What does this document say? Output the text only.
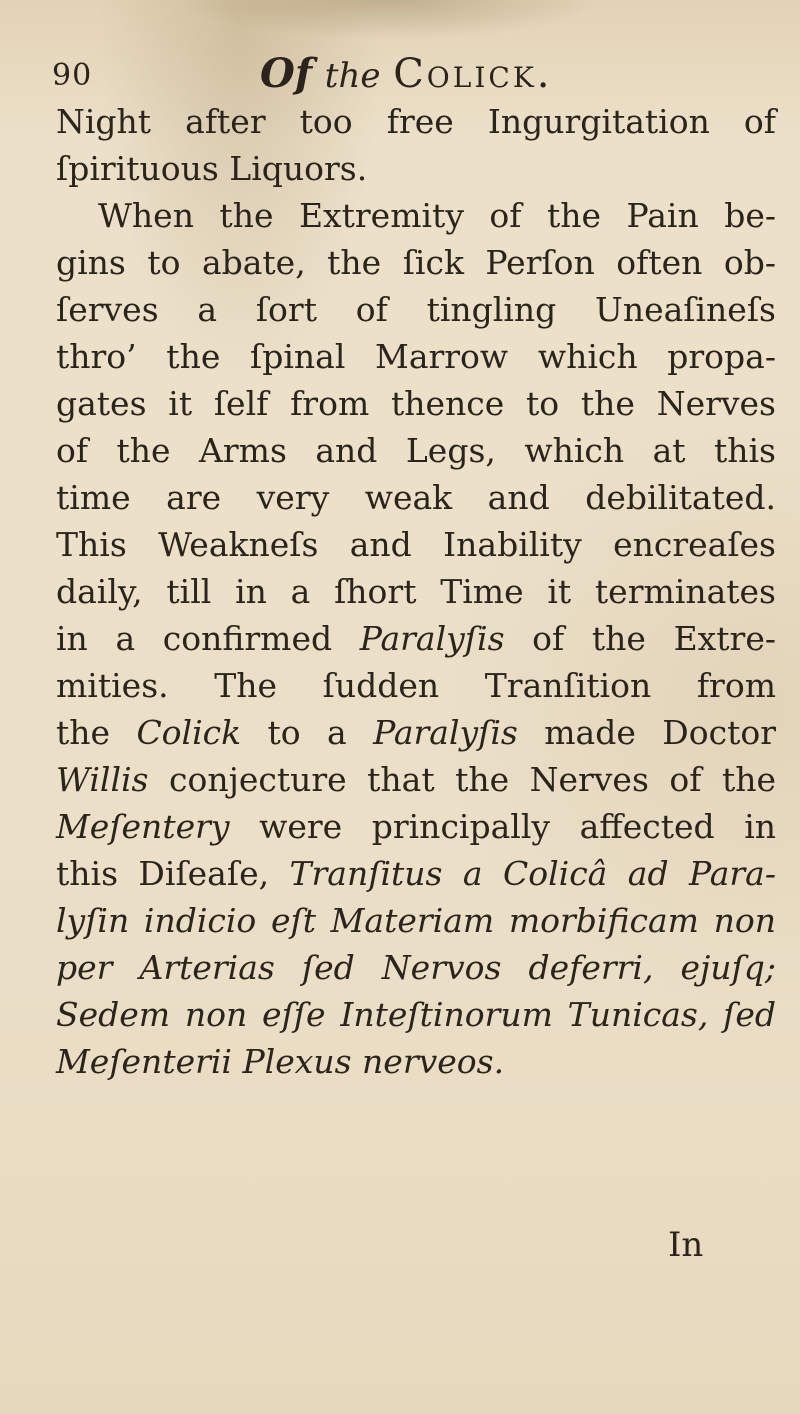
90	Of the Colick.
Night after too free Ingurgitation of
ſpirituous Liquors.
When the Extremity of the Pain be-
gins to abate, the ſick Perſon often ob-
ſerves a ſort of tingling Uneaſineſs
thro’ the ſpinal Marrow which propa-
gates it ſelf from thence to the Nerves
of the Arms and Legs, which at this
time are very weak and debilitated.
This Weakneſs and Inability encreaſes
daily, till in a ſhort Time it terminates
in a confirmed Paralyſis of the Extre-
mities. The ſudden Tranſition from
the Colick to a Paralyſis made Doctor
Willis conjecture that the Nerves of the
Meſentery were principally affected in
this Diſeaſe, Tranſitus a Colicâ ad Para-
lyſin indicio eſt Materiam morbificam non
per Arterias ſed Nervos deferri, ejuſq;
Sedem non eſſe Inteſtinorum Tunicas, ſed
Meſenterii Plexus nerveos.
In
